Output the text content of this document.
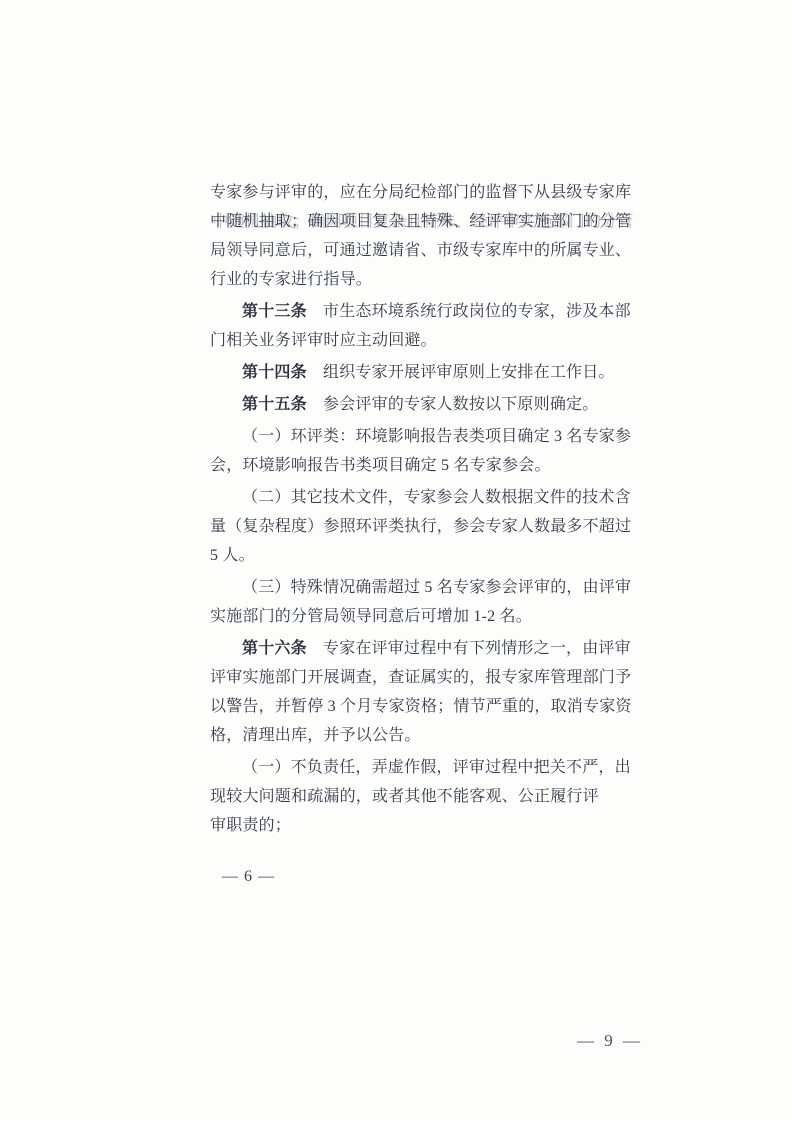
专家参与评审的，应在分局纪检部门的监督下从县级专家库
中随机抽取；确因项目复杂且特殊、经评审实施部门的分管
局领导同意后，可通过邀请省、市级专家库中的所属专业、
行业的专家进行指导。
第十三条　市生态环境系统行政岗位的专家，涉及本部
门相关业务评审时应主动回避。
第十四条　组织专家开展评审原则上安排在工作日。
第十五条　参会评审的专家人数按以下原则确定。
（一）环评类：环境影响报告表类项目确定 3 名专家参
会，环境影响报告书类项目确定 5 名专家参会。
（二）其它技术文件，专家参会人数根据文件的技术含
量（复杂程度）参照环评类执行，参会专家人数最多不超过
5 人。
（三）特殊情况确需超过 5 名专家参会评审的，由评审
实施部门的分管局领导同意后可增加 1-2 名。
第十六条　专家在评审过程中有下列情形之一，由评审
评审实施部门开展调查，查证属实的，报专家库管理部门予
以警告，并暂停 3 个月专家资格；情节严重的，取消专家资
格，清理出库，并予以公告。
（一）不负责任，弄虚作假，评审过程中把关不严，出
现较大问题和疏漏的，或者其他不能客观、公正履行评
审职责的；
— 6 —
— 9 —
